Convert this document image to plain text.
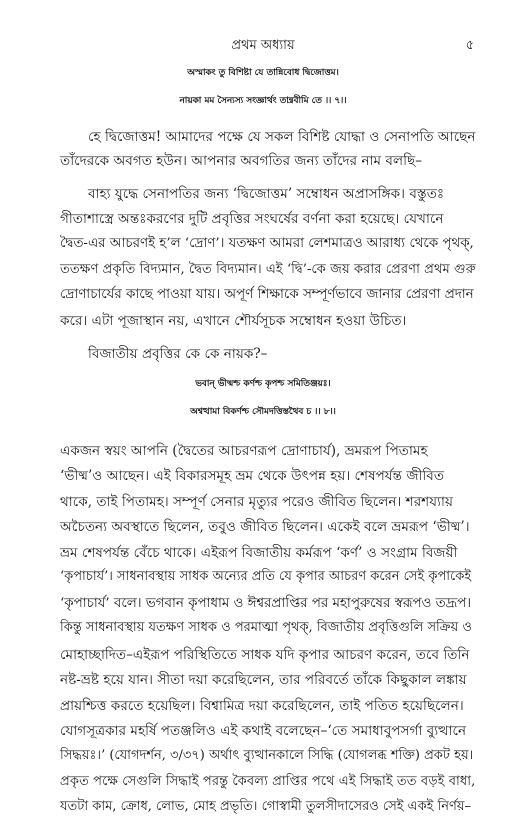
প্রথম অধ্যায়	৫
অস্মাকং তু বিশিষ্টা যে তান্নিবোধ দ্বিজোত্তম।
নায়কা মম সৈন্যস্য সংজ্ঞার্থং তান্ব্রবীমি তে ।। ৭।।
হে দ্বিজোত্তম! আমাদের পক্ষে যে সকল বিশিষ্ট যোদ্ধা ও সেনাপতি আছেন
তাঁদেরকে অবগত হউন। আপনার অবগতির জন্য তাঁদের নাম বলছি–
বাহ্য যুদ্ধে সেনাপতির জন্য ‘দ্বিজোত্তম’ সম্বোধন অপ্রাসঙ্গিক। বস্তুতঃ
গীতাশাস্ত্রে অন্তঃকরণের দুটি প্রবৃত্তির সংঘর্ষের বর্ণনা করা হয়েছে। যেখানে
দ্বৈত-এর আচরণই হ’ল ‘দ্রোণ’। যতক্ষণ আমরা লেশমাত্রও আরাধ্য থেকে পৃথক্,
ততক্ষণ প্রকৃতি বিদ্যমান, দ্বৈত বিদ্যমান। এই ‘দ্বি’-কে জয় করার প্রেরণা প্রথম গুরু
দ্রোণাচার্যের কাছে পাওয়া যায়। অপূর্ণ শিক্ষাকে সম্পূর্ণভাবে জানার প্রেরণা প্রদান
করে। এটা পূজাস্থান নয়, এখানে শৌর্যসূচক সম্বোধন হওয়া উচিত।
বিজাতীয় প্রবৃত্তির কে কে নায়ক?–
ভবান্ ভীষ্মশ্চ কর্ণশ্চ কৃপশ্চ সমিতিঞ্জয়ঃ।
অশ্বত্থামা বিকর্ণশ্চ সৌমদত্তিস্তথৈব চ ।। ৮।।
একজন স্বয়ং আপনি (দ্বৈতের আচরণরূপ দ্রোণাচার্য), ভ্রমরূপ পিতামহ
‘ভীষ্ম’ও আছেন। এই বিকারসমূহ ভ্রম থেকে উৎপন্ন হয়। শেষপর্যন্ত জীবিত
থাকে, তাই পিতামহ। সম্পূর্ণ সেনার মৃত্যুর পরেও জীবিত ছিলেন। শরশয্যায়
অচৈতন্য অবস্থাতে ছিলেন, তবুও জীবিত ছিলেন। একেই বলে ভ্রমরূপ ‘ভীষ্ম’।
ভ্রম শেষপর্যন্ত বেঁচে থাকে। এইরূপ বিজাতীয় কর্মরূপ ‘কর্ণ’ ও সংগ্রাম বিজয়ী
‘কৃপাচার্য’। সাধনাবস্থায় সাধক অন্যের প্রতি যে কৃপার আচরণ করেন সেই কৃপাকেই
‘কৃপাচার্য’ বলে। ভগবান কৃপাধাম ও ঈশ্বরপ্রাপ্তির পর মহাপুরুষের স্বরূপও তদ্রূপ।
কিন্তু সাধনাবস্থায় যতক্ষণ সাধক ও পরমাত্মা পৃথক্, বিজাতীয় প্রবৃত্তিগুলি সক্রিয় ও
মোহাচ্ছাদিত–এইরূপ পরিস্থিতিতে সাধক যদি কৃপার আচরণ করেন, তবে তিনি
নষ্ট-ভ্রষ্ট হয়ে যান। সীতা দয়া করেছিলেন, তার পরিবর্তে তাঁকে কিছুকাল লঙ্কায়
প্রায়শ্চিত্ত করতে হয়েছিল। বিশ্বামিত্র দয়া করেছিলেন, তাই পতিত হয়েছিলেন।
যোগসূত্রকার মহর্ষি পতঞ্জলিও এই কথাই বলেছেন–‘তে সমাধাবুপসর্গা ব্যুত্থানে
সিদ্ধয়ঃ।’ (যোগদর্শন, ৩/৩৭) অর্থাৎ ব্যুত্থানকালে সিদ্ধি (যোগলব্ধ শক্তি) প্রকট হয়।
প্রকৃত পক্ষে সেগুলি সিদ্ধাই পরন্তু কৈবল্য প্রাপ্তির পথে এই সিদ্ধাই তত বড়ই বাধা,
যতটা কাম, ক্রোধ, লোভ, মোহ প্রভৃতি। গোস্বামী তুলসীদাসেরও সেই একই নির্ণয়–
